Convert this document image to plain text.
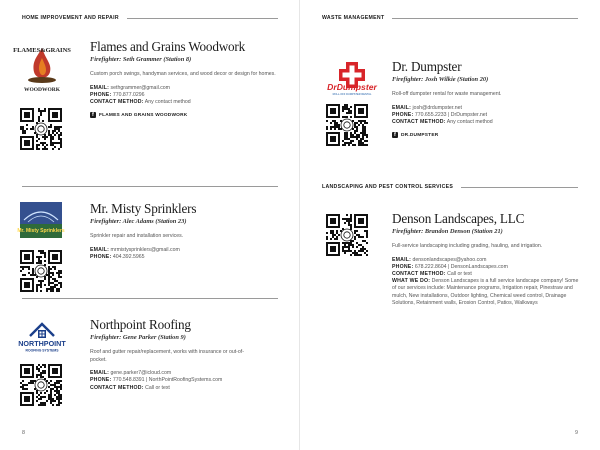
HOME IMPROVEMENT AND REPAIR
FLAMES&GRAINS
WOODWORK
Flames and Grains Woodwork
Firefighter: Seth Grammer (Station 8)
Custom porch swings, handyman services, and wood decor or design for homes.
EMAIL: sethgrammer@gmail.com
PHONE: 770.877.0296
CONTACT METHOD: Any contact method
f	FLAMES AND GRAINS WOODWORK
Mr. Misty Sprinklers
Mr. Misty Sprinklers
Firefighter: Alec Adams (Station 23)
Sprinkler repair and installation services.
EMAIL: mrmistysprinklers@gmail.com
PHONE: 404.392.5965
NORTHPOINT
ROOFING SYSTEMS
Northpoint Roofing
Firefighter: Gene Parker (Station 9)
Roof and gutter repair/replacement, works with insurance or out-of-pocket.
EMAIL: gene.parker7@icloud.com
PHONE: 770.548.8391 | NorthPointRoofingSystems.com
CONTACT METHOD: Call or text
8
WASTE MANAGEMENT
DrDumpster
ROLL-OFF DUMPSTER RENTAL
Dr. Dumpster
Firefighter: Josh Wilkie (Station 20)
Roll-off dumpster rental for waste management.
EMAIL: josh@drdumpster.net
PHONE: 770.655.2233 | DrDumpster.net
CONTACT METHOD: Any contact method
f	DR.DUMPSTER
LANDSCAPING AND PEST CONTROL SERVICES
Denson Landscapes, LLC
Firefighter: Brandon Denson (Station 21)
Full-service landscaping including grading, hauling, and irrigation.
EMAIL: densonlandscapes@yahoo.com
PHONE: 678.222.8604 | DensonLandscapes.com
CONTACT METHOD: Call or text
WHAT WE DO: Denson Landscapes is a full service landscape company! Some of our services include: Maintenance programs, Irrigation repair, Pinestraw and mulch, New installations, Outdoor lighting, Chemical weed control, Drainage Solutions, Retainment walls, Erosion Control, Patios, Walkways
9
